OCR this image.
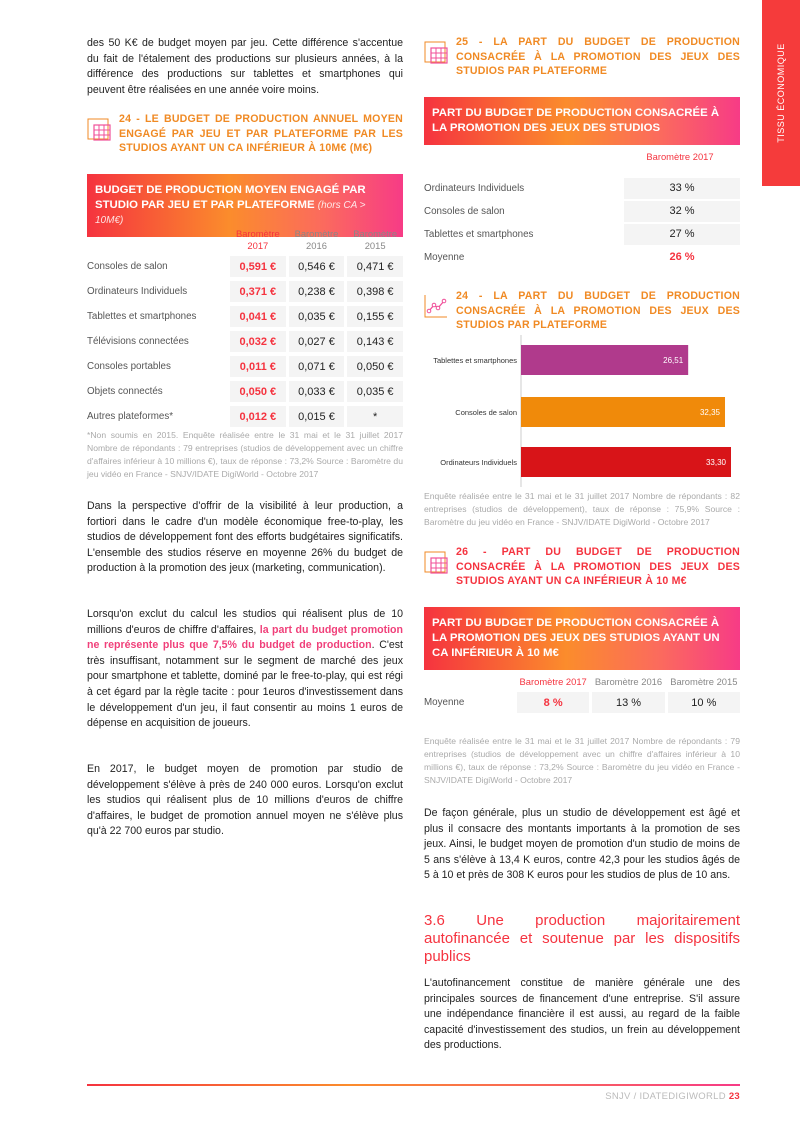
TISSU ÉCONOMIQUE

des 50 K€ de budget moyen par jeu. Cette différence s'accentue du fait de l'étalement des productions sur plusieurs années, à la différence des productions sur tablettes et smartphones qui peuvent être réalisées en une année voire moins.

24 - LE BUDGET DE PRODUCTION ANNUEL MOYEN ENGAGÉ PAR JEU ET PAR PLATEFORME PAR LES STUDIOS AYANT UN CA INFÉRIEUR À 10M€ (M€)
BUDGET DE PRODUCTION MOYEN ENGAGÉ PAR STUDIO PAR JEU ET PAR PLATEFORME (hors CA > 10M€)
	Baromètre 2017	Baromètre 2016	Baromètre 2015
Consoles de salon	0,591 €	0,546 €	0,471 €
Ordinateurs Individuels	0,371 €	0,238 €	0,398 €
Tablettes et smartphones	0,041 €	0,035 €	0,155 €
Télévisions connectées	0,032 €	0,027 €	0,143 €
Consoles portables	0,011 €	0,071 €	0,050 €
Objets connectés	0,050 €	0,033 €	0,035 €
Autres plateformes*	0,012 €	0,015 €	*

*Non soumis en 2015. Enquête réalisée entre le 31 mai et le 31 juillet 2017 Nombre de répondants : 79 entreprises (studios de développement avec un chiffre d'affaires inférieur à 10 millions €), taux de réponse : 73,2% Source : Baromètre du jeu vidéo en France - SNJV/IDATE DigiWorld - Octobre 2017

Dans la perspective d'offrir de la visibilité à leur production, a fortiori dans le cadre d'un modèle économique free-to-play, les studios de développement font des efforts budgétaires significatifs. L'ensemble des studios réserve en moyenne 26% du budget de production à la promotion des jeux (marketing, communication).

Lorsqu'on exclut du calcul les studios qui réalisent plus de 10 millions d'euros de chiffre d'affaires, la part du budget promotion ne représente plus que 7,5% du budget de production. C'est très insuffisant, notamment sur le segment de marché des jeux pour smartphone et tablette, dominé par le free-to-play, qui est régi à cet égard par la règle tacite : pour 1euros d'investissement dans le développement d'un jeu, il faut consentir au moins 1 euros de dépense en acquisition de joueurs.

En 2017, le budget moyen de promotion par studio de développement s'élève à près de 240 000 euros. Lorsqu'on exclut les studios qui réalisent plus de 10 millions d'euros de chiffre d'affaires, le budget de promotion annuel moyen ne s'élève plus qu'à 22 700 euros par studio.

25 - LA PART DU BUDGET DE PRODUCTION CONSACRÉE À LA PROMOTION DES JEUX DES STUDIOS PAR PLATEFORME
PART DU BUDGET DE PRODUCTION CONSACRÉE À LA PROMOTION DES JEUX DES STUDIOS
Baromètre 2017
Ordinateurs Individuels	33 %
Consoles de salon	32 %
Tablettes et smartphones	27 %
Moyenne	26 %
24 - LA PART DU BUDGET DE PRODUCTION CONSACRÉE À LA PROMOTION DES JEUX DES STUDIOS PAR PLATEFORME
Tablettes et smartphones	26,51
Consoles de salon	32,35
Ordinateurs Individuels	33,30

Enquête réalisée entre le 31 mai et le 31 juillet 2017 Nombre de répondants : 82 entreprises (studios de développement), taux de réponse : 75,9% Source : Baromètre du jeu vidéo en France - SNJV/IDATE DigiWorld - Octobre 2017

26 - PART DU BUDGET DE PRODUCTION CONSACRÉE À LA PROMOTION DES JEUX DES STUDIOS AYANT UN CA INFÉRIEUR À 10 M€
PART DU BUDGET DE PRODUCTION CONSACRÉE À LA PROMOTION DES JEUX DES STUDIOS AYANT UN CA INFÉRIEUR À 10 M€
	Baromètre 2017	Baromètre 2016	Baromètre 2015
Moyenne	8 %	13 %	10 %

Enquête réalisée entre le 31 mai et le 31 juillet 2017 Nombre de répondants : 79 entreprises (studios de développement avec un chiffre d'affaires inférieur à 10 millions €), taux de réponse : 73,2% Source : Baromètre du jeu vidéo en France - SNJV/IDATE DigiWorld - Octobre 2017

De façon générale, plus un studio de développement est âgé et plus il consacre des montants importants à la promotion de ses jeux. Ainsi, le budget moyen de promotion d'un studio de moins de 5 ans s'élève à 13,4 K euros, contre 42,3 pour les studios âgés de 5 à 10 et près de 308 K euros pour les studios de plus de 10 ans.

3.6 Une production majoritairement autofinancée et soutenue par les dispositifs publics

L'autofinancement constitue de manière générale une des principales sources de financement d'une entreprise. S'il assure une indépendance financière il est aussi, au regard de la faible capacité d'investissement des studios, un frein au développement des productions.

SNJV / IDATEDIGIWORLD 23
